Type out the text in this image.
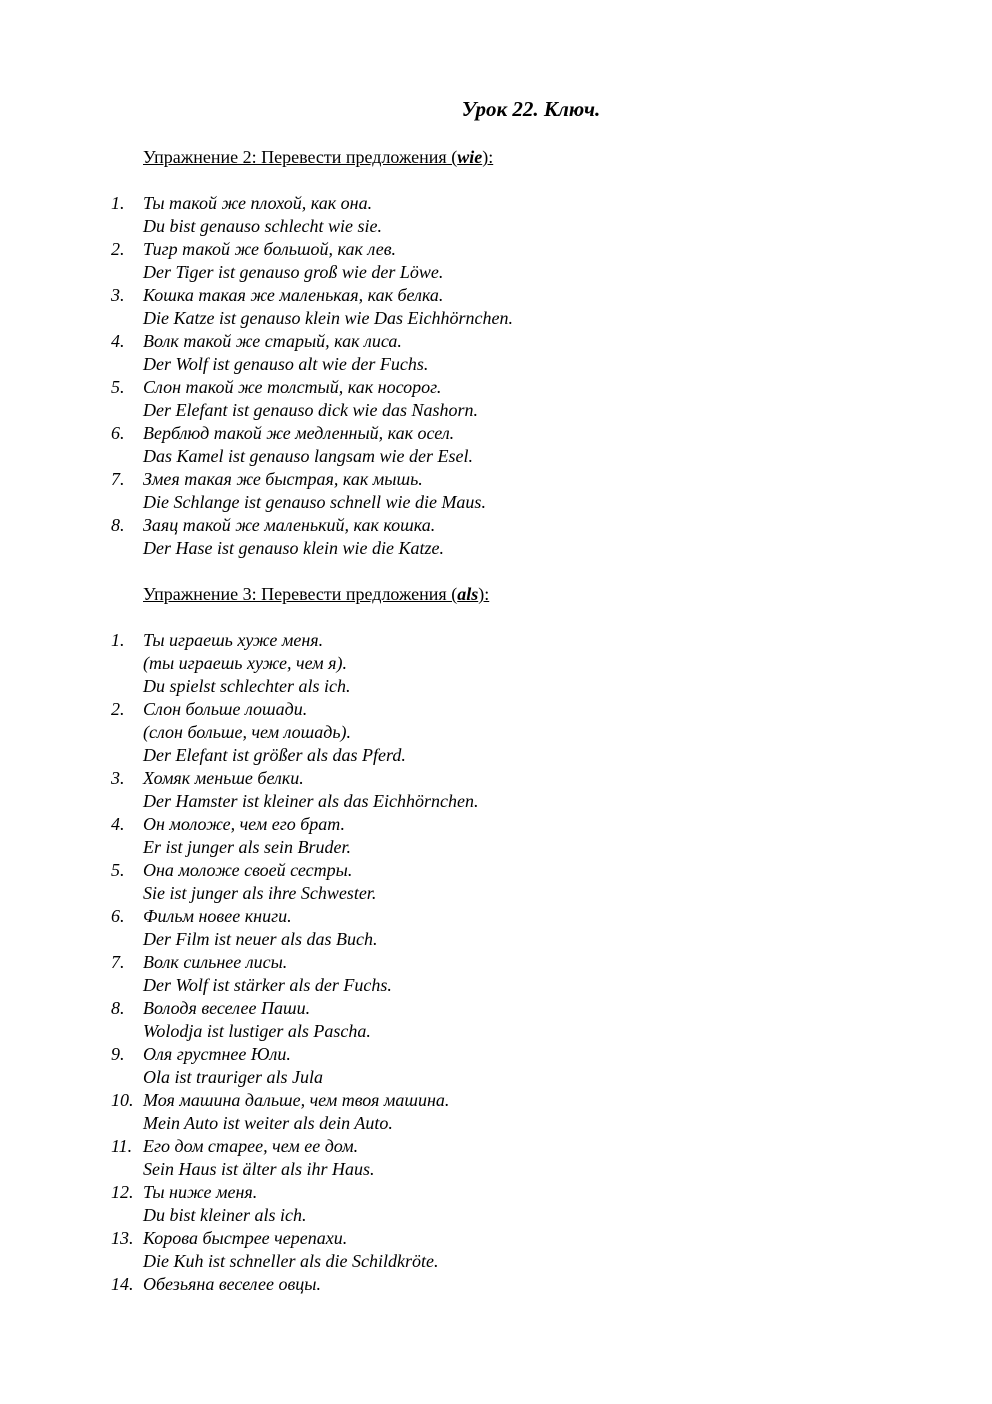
Урок 22. Ключ.
Упражнение 2: Перевести предложения (wie):
1. Ты такой же плохой, как она.
Du bist genauso schlecht wie sie.
2. Тигр такой же большой, как лев.
Der Tiger ist genauso groß wie der Löwe.
3. Кошка такая же маленькая, как белка.
Die Katze ist genauso klein wie Das Eichhörnchen.
4. Волк такой же старый, как лиса.
Der Wolf ist genauso alt wie der Fuchs.
5. Слон такой же толстый, как носорог.
Der Elefant ist genauso dick wie das Nashorn.
6. Верблюд такой же медленный, как осел.
Das Kamel ist genauso langsam wie der Esel.
7. Змея такая же быстрая, как мышь.
Die Schlange ist genauso schnell wie die Maus.
8. Заяц такой же маленький, как кошка.
Der Hase ist genauso klein wie die Katze.
Упражнение 3: Перевести предложения (als):
1. Ты играешь хуже меня.
(ты играешь хуже, чем я).
Du spielst schlechter als ich.
2. Слон больше лошади.
(слон больше, чем лошадь).
Der Elefant ist größer als das Pferd.
3. Хомяк меньше белки.
Der Hamster ist kleiner als das Eichhörnchen.
4. Он моложе, чем его брат.
Er ist junger als sein Bruder.
5. Она моложе своей сестры.
Sie ist junger als ihre Schwester.
6. Фильм новее книги.
Der Film ist neuer als das Buch.
7. Волк сильнее лисы.
Der Wolf ist stärker als der Fuchs.
8. Володя веселее Паши.
Wolodja ist lustiger als Pascha.
9. Оля грустнее Юли.
Ola ist trauriger als Jula
10. Моя машина дальше, чем твоя машина.
Mein Auto ist weiter als dein Auto.
11. Его дом старее, чем ее дом.
Sein Haus ist älter als ihr Haus.
12. Ты ниже меня.
Du bist kleiner als ich.
13. Корова быстрее черепахи.
Die Kuh ist schneller als die Schildkröte.
14. Обезьяна веселее овцы.
